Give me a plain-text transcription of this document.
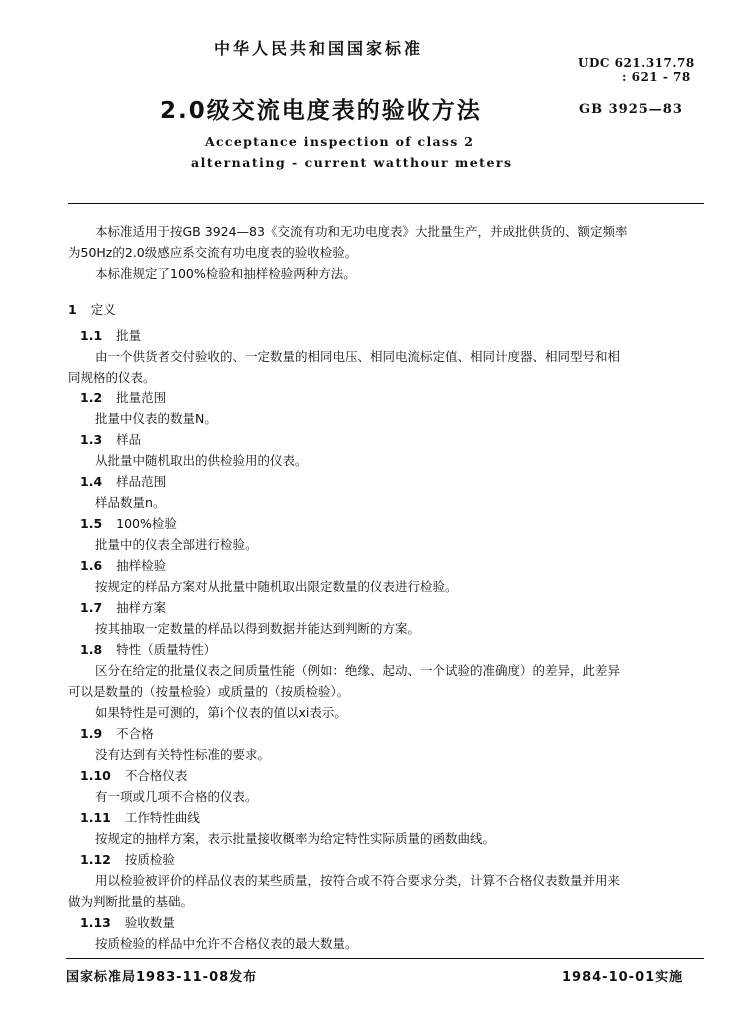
中华人民共和国国家标准
UDC 621.317.78
: 621 - 78
2.0级交流电度表的验收方法	GB 3925—83
Acceptance inspection of class 2
alternating - current watthour meters
本标准适用于按GB 3924—83《交流有功和无功电度表》大批量生产，并成批供货的、额定频率
为50Hz的2.0级感应系交流有功电度表的验收检验。
本标准规定了100%检验和抽样检验两种方法。
1 定义
1.1 批量
由一个供货者交付验收的、一定数量的相同电压、相同电流标定值、相同计度器、相同型号和相
同规格的仪表。
1.2 批量范围
批量中仪表的数量N。
1.3 样品
从批量中随机取出的供检验用的仪表。
1.4 样品范围
样品数量n。
1.5 100%检验
批量中的仪表全部进行检验。
1.6 抽样检验
按规定的样品方案对从批量中随机取出限定数量的仪表进行检验。
1.7 抽样方案
按其抽取一定数量的样品以得到数据并能达到判断的方案。
1.8 特性（质量特性）
区分在给定的批量仪表之间质量性能（例如：绝缘、起动、一个试验的准确度）的差异，此差异
可以是数量的（按量检验）或质量的（按质检验）。
如果特性是可测的，第i个仪表的值以xi表示。
1.9 不合格
没有达到有关特性标准的要求。
1.10 不合格仪表
有一项或几项不合格的仪表。
1.11 工作特性曲线
按规定的抽样方案，表示批量接收概率为给定特性实际质量的函数曲线。
1.12 按质检验
用以检验被评价的样品仪表的某些质量，按符合或不符合要求分类，计算不合格仪表数量并用来
做为判断批量的基础。
1.13 验收数量
按质检验的样品中允许不合格仪表的最大数量。
国家标准局1983-11-08发布	1984-10-01实施
